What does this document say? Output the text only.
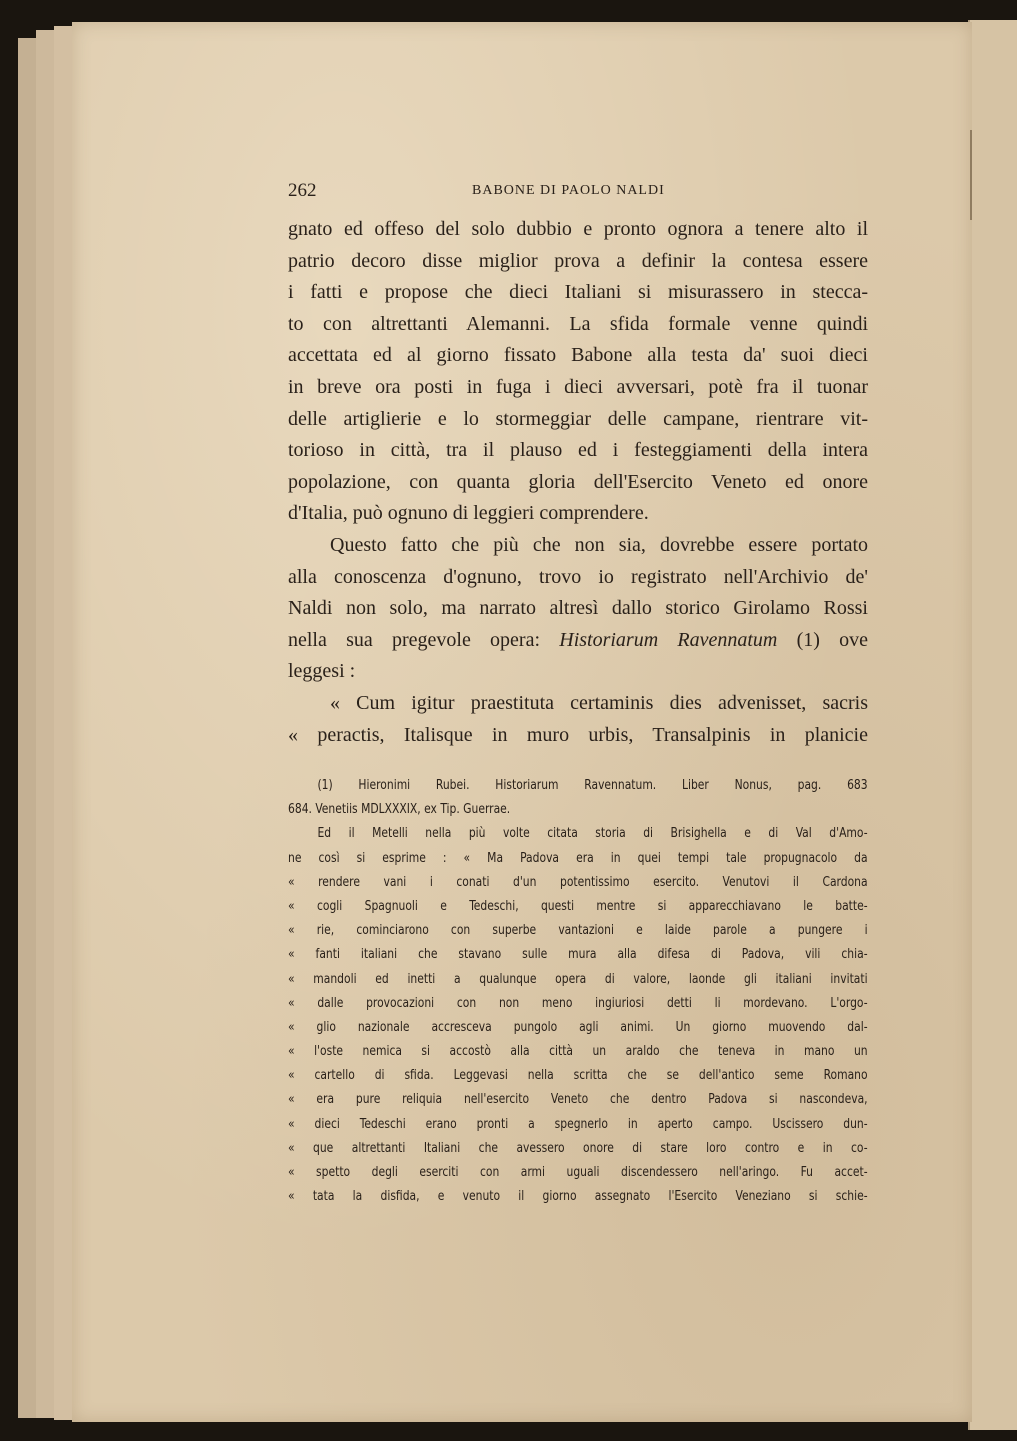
262	BABONE DI PAOLO NALDI
gnato ed offeso del solo dubbio e pronto ognora a tenere alto il
patrio decoro disse miglior prova a definir la contesa essere
i fatti e propose che dieci Italiani si misurassero in stecca-
to con altrettanti Alemanni. La sfida formale venne quindi
accettata ed al giorno fissato Babone alla testa da' suoi dieci
in breve ora posti in fuga i dieci avversari, potè fra il tuonar
delle artiglierie e lo stormeggiar delle campane, rientrare vit-
torioso in città, tra il plauso ed i festeggiamenti della intera
popolazione, con quanta gloria dell'Esercito Veneto ed onore
d'Italia, può ognuno di leggieri comprendere.
Questo fatto che più che non sia, dovrebbe essere portato
alla conoscenza d'ognuno, trovo io registrato nell'Archivio de'
Naldi non solo, ma narrato altresì dallo storico Girolamo Rossi
nella sua pregevole opera: Historiarum Ravennatum (1) ove
leggesi :
« Cum igitur praestituta certaminis dies advenisset, sacris
« peractis, Italisque in muro urbis, Transalpinis in planicie
(1) Hieronimi Rubei. Historiarum Ravennatum. Liber Nonus, pag. 683
684. Venetiis MDLXXXIX, ex Tip. Guerrae.
Ed il Metelli nella più volte citata storia di Brisighella e di Val d'Amo-
ne così si esprime : « Ma Padova era in quei tempi tale propugnacolo da
« rendere vani i conati d'un potentissimo esercito. Venutovi il Cardona
« cogli Spagnuoli e Tedeschi, questi mentre si apparecchiavano le batte-
« rie, cominciarono con superbe vantazioni e laide parole a pungere i
« fanti italiani che stavano sulle mura alla difesa di Padova, vili chia-
« mandoli ed inetti a qualunque opera di valore, laonde gli italiani invitati
« dalle provocazioni con non meno ingiuriosi detti li mordevano. L'orgo-
« glio nazionale accresceva pungolo agli animi. Un giorno muovendo dal-
« l'oste nemica si accostò alla città un araldo che teneva in mano un
« cartello di sfida. Leggevasi nella scritta che se dell'antico seme Romano
« era pure reliquia nell'esercito Veneto che dentro Padova si nascondeva,
« dieci Tedeschi erano pronti a spegnerlo in aperto campo. Uscissero dun-
« que altrettanti Italiani che avessero onore di stare loro contro e in co-
« spetto degli eserciti con armi uguali discendessero nell'aringo. Fu accet-
« tata la disfida, e venuto il giorno assegnato l'Esercito Veneziano si schie-
